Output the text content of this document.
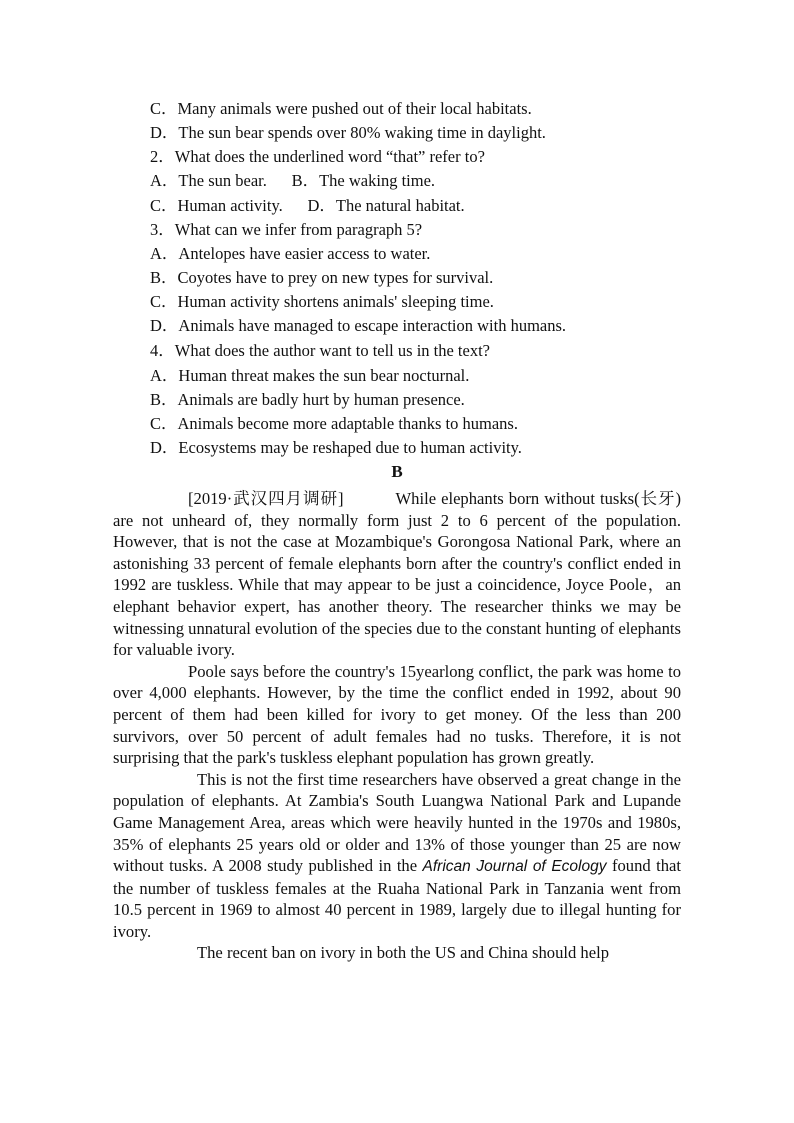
C．Many animals were pushed out of their local habitats.
D．The sun bear spends over 80% waking time in daylight.
2．What does the underlined word “that” refer to?
A．The sun bear.      B．The waking time.
C．Human activity.      D．The natural habitat.
3．What can we infer from paragraph 5?
A．Antelopes have easier access to water.
B．Coyotes have to prey on new types for survival.
C．Human activity shortens animals' sleeping time.
D．Animals have managed to escape interaction with humans.
4．What does the author want to tell us in the text?
A．Human threat makes the sun bear nocturnal.
B．Animals are badly hurt by human presence.
C．Animals become more adaptable thanks to humans.
D．Ecosystems may be reshaped due to human activity.
B

[2019·武汉四月调研]	While elephants born without tusks(长牙) are not unheard of, they normally form just 2 to 6 percent of the population. However, that is not the case at Mozambique's Gorongosa National Park, where an astonishing 33 percent of female elephants born after the country's conflict ended in 1992 are tuskless. While that may appear to be just a coincidence, Joyce Poole，an elephant behavior expert, has another theory. The researcher thinks we may be witnessing unnatural evolution of the species due to the constant hunting of elephants for valuable ivory.

Poole says before the country's 15yearlong conflict, the park was home to over 4,000 elephants. However, by the time the conflict ended in 1992, about 90 percent of them had been killed for ivory to get money. Of the less than 200 survivors, over 50 percent of adult females had no tusks. Therefore, it is not surprising that the park's tuskless elephant population has grown greatly.

This is not the first time researchers have observed a great change in the population of elephants. At Zambia's South Luangwa National Park and Lupande Game Management Area, areas which were heavily hunted in the 1970s and 1980s, 35% of elephants 25 years old or older and 13% of those younger than 25 are now without tusks. A 2008 study published in the African Journal of Ecology found that the number of tuskless females at the Ruaha National Park in Tanzania went from 10.5 percent in 1969 to almost 40 percent in 1989, largely due to illegal hunting for ivory.

The recent ban on ivory in both the US and China should help
